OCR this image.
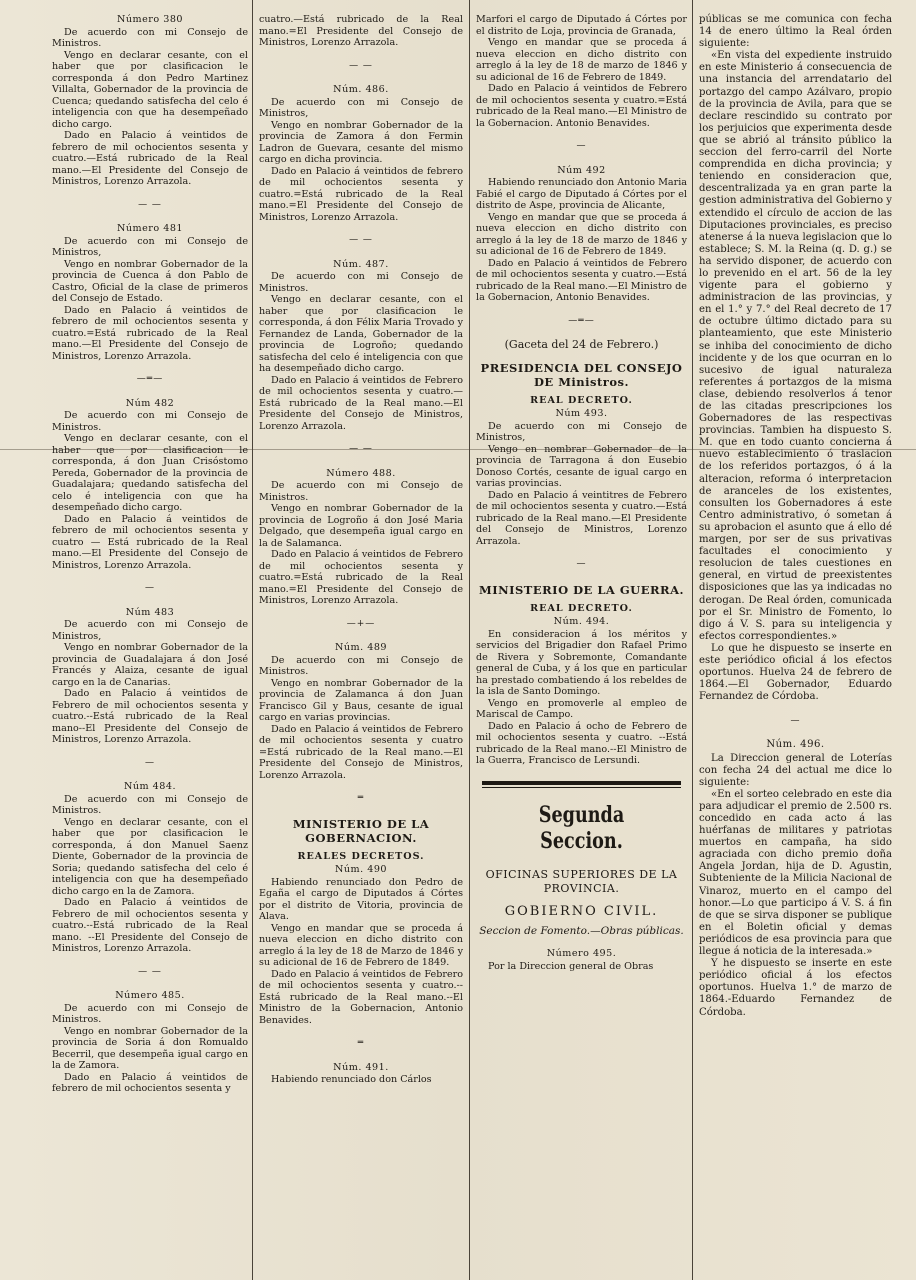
Número 380

De acuerdo con mi Consejo de Ministros.

Vengo en declarar cesante, con el haber que por clasificacion le corresponda á don Pedro Martinez Villalta, Gobernador de la provincia de Cuenca; quedando satisfecha del celo é inteligencia con que ha desempeñado dicho cargo.

Dado en Palacio á veintidos de febrero de mil ochocientos sesenta y cuatro.—Está rubricado de la Real mano.—El Presidente del Consejo de Ministros, Lorenzo Arrazola.

— —
Número 481

De acuerdo con mi Consejo de Ministros,

Vengo en nombrar Gobernador de la provincia de Cuenca á don Pablo de Castro, Oficial de la clase de primeros del Consejo de Estado.

Dado en Palacio á veintidos de febrero de mil ochocientos sesenta y cuatro.=Está rubricado de la Real mano.—El Presidente del Consejo de Ministros, Lorenzo Arrazola.

—═—
Núm 482

De acuerdo con mi Consejo de Ministros.

Vengo en declarar cesante, con el haber que por clasificacion le corresponda, á don Juan Crisóstomo Pereda, Gobernador de la provincia de Guadalajara; quedando satisfecha del celo é inteligencia con que ha desempeñado dicho cargo.

Dado en Palacio á veintidos de febrero de mil ochocientos sesenta y cuatro — Está rubricado de la Real mano.—El Presidente del Consejo de Ministros, Lorenzo Arrazola.

—
Núm 483

De acuerdo con mi Consejo de Ministros,

Vengo en nombrar Gobernador de la provincia de Guadalajara á don José Francés y Alaiza, cesante de igual cargo en la de Canarias.

Dado en Palacio á veintidos de Febrero de mil ochocientos sesenta y cuatro.--Está rubricado de la Real mano--El Presidente del Consejo de Ministros, Lorenzo Arrazola.

—
Núm 484.

De acuerdo con mi Consejo de Ministros.

Vengo en declarar cesante, con el haber que por clasificacion le corresponda, á don Manuel Saenz Diente, Gobernador de la provincia de Soria; quedando satisfecha del celo é inteligencia con que ha desempeñado dicho cargo en la de Zamora.

Dado en Palacio á veintidos de Febrero de mil ochocientos sesenta y cuatro.--Está rubricado de la Real mano. --El Presidente del Consejo de Ministros, Lorenzo Arrazola.

— —
Número 485.

De acuerdo con mi Consejo de Ministros.

Vengo en nombrar Gobernador de la provincia de Soria á don Romualdo Becerril, que desempeña igual cargo en la de Zamora.

Dado en Palacio á veintidos de febrero de mil ochocientos sesenta y

cuatro.—Está rubricado de la Real mano.=El Presidente del Consejo de Ministros, Lorenzo Arrazola.

— —
Núm. 486.

De acuerdo con mi Consejo de Ministros,

Vengo en nombrar Gobernador de la provincia de Zamora á don Fermin Ladron de Guevara, cesante del mismo cargo en dicha provincia.

Dado en Palacio á veintidos de febrero de mil ochocientos sesenta y cuatro.=Está rubricado de la Real mano.=El Presidente del Consejo de Ministros, Lorenzo Arrazola.

— —
Núm. 487.

De acuerdo con mi Consejo de Ministros.

Vengo en declarar cesante, con el haber que por clasificacion le corresponda, á don Félix Maria Trovado y Fernandez de Landa, Gobernador de la provincia de Logroño; quedando satisfecha del celo é inteligencia con que ha desempeñado dicho cargo.

Dado en Palacio á veintidos de Febrero de mil ochocientos sesenta y cuatro.—Está rubricado de la Real mano.—El Presidente del Consejo de Ministros, Lorenzo Arrazola.

— —
Número 488.

De acuerdo con mi Consejo de Ministros.

Vengo en nombrar Gobernador de la provincia de Logroño á don José Maria Delgado, que desempeña igual cargo en la de Salamanca.

Dado en Palacio á veintidos de Febrero de mil ochocientos sesenta y cuatro.=Está rubricado de la Real mano.=El Presidente del Consejo de Ministros, Lorenzo Arrazola.

—+—
Núm. 489

De acuerdo con mi Consejo de Ministros.

Vengo en nombrar Gobernador de la provincia de Zalamanca á don Juan Francisco Gil y Baus, cesante de igual cargo en varias provincias.

Dado en Palacio á veintidos de Febrero de mil ochocientos sesenta y cuatro =Está rubricado de la Real mano.—El Presidente del Consejo de Ministros, Lorenzo Arrazola.

═
MINISTERIO DE LA GOBERNACION.
REALES DECRETOS.
Núm. 490

Habiendo renunciado don Pedro de Egaña el cargo de Diputados á Córtes por el distrito de Vitoria, provincia de Alava.

Vengo en mandar que se proceda á nueva eleccion en dicho distrito con arreglo á la ley de 18 de Marzo de 1846 y su adicional de 16 de Febrero de 1849.

Dado en Palacio á veintidos de Febrero de mil ochocientos sesenta y cuatro.--Está rubricado de la Real mano.--El Ministro de la Gobernacion, Antonio Benavides.

═
Núm. 491.

Habiendo renunciado don Cárlos

Marfori el cargo de Diputado á Córtes por el distrito de Loja, provincia de Granada,

Vengo en mandar que se proceda á nueva eleccion en dicho distrito con arreglo á la ley de 18 de marzo de 1846 y su adicional de 16 de Febrero de 1849.

Dado en Palacio á veintidos de Febrero de mil ochocientos sesenta y cuatro.=Está rubricado de la Real mano.—El Ministro de la Gobernacion. Antonio Benavides.

—
Núm 492

Habiendo renunciado don Antonio Maria Fabié el cargo de Diputado á Córtes por el distrito de Aspe, provincia de Alicante,

Vengo en mandar que que se proceda á nueva eleccion en dicho distrito con arreglo á la ley de 18 de marzo de 1846 y su adicional de 16 de Febrero de 1849.

Dado en Palacio á veintidos de Febrero de mil ochocientos sesenta y cuatro.—Está rubricado de la Real mano.—El Ministro de la Gobernacion, Antonio Benavides.

—═—
(Gaceta del 24 de Febrero.)
PRESIDENCIA DEL CONSEJO DE Ministros.
REAL DECRETO.
Núm 493.

De acuerdo con mi Consejo de Ministros,

Vengo en nombrar Gobernador de la provincia de Tarragona á don Eusebio Donoso Cortés, cesante de igual cargo en varias provincias.

Dado en Palacio á veintitres de Febrero de mil ochocientos sesenta y cuatro.—Está rubricado de la Real mano.—El Presidente del Consejo de Ministros, Lorenzo Arrazola.

—
MINISTERIO DE LA GUERRA.
REAL DECRETO.
Núm. 494.

En consideracion á los méritos y servicios del Brigadier don Rafael Primo de Rivera y Sobremonte, Comandante general de Cuba, y á los que en particular ha prestado combatiendo á los rebeldes de la isla de Santo Domingo.

Vengo en promoverle al empleo de Mariscal de Campo.

Dado en Palacio á ocho de Febrero de mil ochocientos sesenta y cuatro. --Está rubricado de la Real mano.--El Ministro de la Guerra, Francisco de Lersundi.

Segunda Seccion.
OFICINAS SUPERIORES DE LA PROVINCIA.
GOBIERNO CIVIL.
Seccion de Fomento.—Obras públicas.
Número 495.

Por la Direccion general de Obras

públicas se me comunica con fecha 14 de enero último la Real órden siguiente:

«En vista del expediente instruido en este Ministerio á consecuencia de una instancia del arrendatario del portazgo del campo Azálvaro, propio de la provincia de Avila, para que se declare rescindido su contrato por los perjuicios que experimenta desde que se abrió al tránsito público la seccion del ferro-carril del Norte comprendida en dicha provincia; y teniendo en consideracion que, descentralizada ya en gran parte la gestion administrativa del Gobierno y extendido el círculo de accion de las Diputaciones provinciales, es preciso atenerse á la nueva legislacion que lo establece; S. M. la Reina (q. D. g.) se ha servido disponer, de acuerdo con lo prevenido en el art. 56 de la ley vigente para el gobierno y administracion de las provincias, y en el 1.° y 7.° del Real decreto de 17 de octubre último dictado para su planteamiento, que este Ministerio se inhiba del conocimiento de dicho incidente y de los que ocurran en lo sucesivo de igual naturaleza referentes á portazgos de la misma clase, debiendo resolverlos á tenor de las citadas prescripciones los Gobernadores de las respectivas provincias. Tambien ha dispuesto S. M. que en todo cuanto concierna á nuevo establecimiento ó traslacion de los referidos portazgos, ó á la alteracion, reforma ó interpretacion de aranceles de los existentes, consulten los Gobernadores á este Centro administrativo, ó sometan á su aprobacion el asunto que á ello dé margen, por ser de sus privativas facultades el conocimiento y resolucion de tales cuestiones en general, en virtud de preexistentes disposiciones que las ya indicadas no derogan. De Real órden, comunicada por el Sr. Ministro de Fomento, lo digo á V. S. para su inteligencia y efectos correspondientes.»

Lo que he dispuesto se inserte en este periódico oficial á los efectos oportunos. Huelva 24 de febrero de 1864.—El Gobernador, Eduardo Fernandez de Córdoba.

—
Núm. 496.

La Direccion general de Loterías con fecha 24 del actual me dice lo siguiente:

«En el sorteo celebrado en este dia para adjudicar el premio de 2.500 rs. concedido en cada acto á las huérfanas de militares y patriotas muertos en campaña, ha sido agraciada con dicho premio doña Angela Jordan, hija de D. Agustin, Subteniente de la Milicia Nacional de Vinaroz, muerto en el campo del honor.—Lo que participo á V. S. á fin de que se sirva disponer se publique en el Boletin oficial y demas periódicos de esa provincia para que llegue á noticia de la interesada.»

Y he dispuesto se inserte en este periódico oficial á los efectos oportunos. Huelva 1.° de marzo de 1864.-Eduardo Fernandez de Córdoba.
